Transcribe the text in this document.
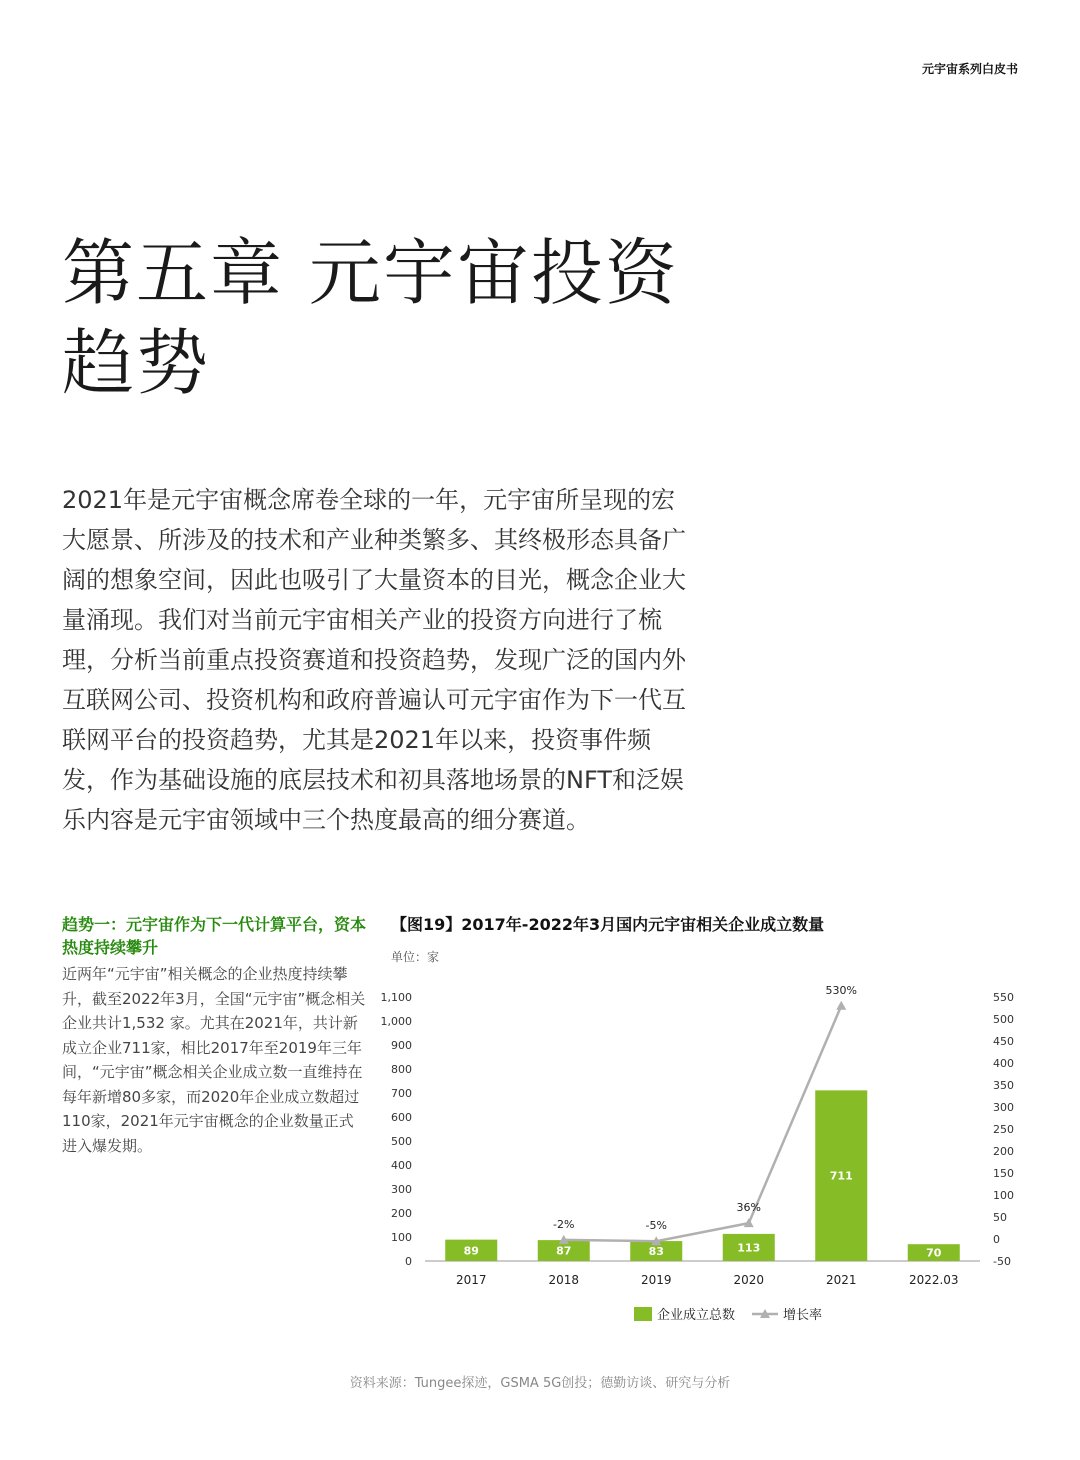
元宇宙系列白皮书
第五章 元宇宙投资趋势

2021年是元宇宙概念席卷全球的一年，元宇宙所呈现的宏大愿景、所涉及的技术和产业种类繁多、其终极形态具备广阔的想象空间，因此也吸引了大量资本的目光，概念企业大量涌现。我们对当前元宇宙相关产业的投资方向进行了梳理，分析当前重点投资赛道和投资趋势，发现广泛的国内外互联网公司、投资机构和政府普遍认可元宇宙作为下一代互联网平台的投资趋势，尤其是2021年以来，投资事件频发，作为基础设施的底层技术和初具落地场景的NFT和泛娱乐内容是元宇宙领域中三个热度最高的细分赛道。

趋势一：元宇宙作为下一代计算平台，资本热度持续攀升

近两年“元宇宙”相关概念的企业热度持续攀升，截至2022年3月，全国“元宇宙”概念相关企业共计1,532 家。尤其在2021年，共计新成立企业711家，相比2017年至2019年三年间，“元宇宙”概念相关企业成立数一直维持在每年新增80多家，而2020年企业成立数超过110家，2021年元宇宙概念的企业数量正式进入爆发期。

【图19】2017年-2022年3月国内元宇宙相关企业成立数量

单位：家
0
100
200
300
400
500
600
700
800
900
1,000
1,100
-50
0
50
100
150
200
250
300
350
400
450
500
550
2017	2018	2019	2020	2021	2022.03
89	87	83	113
711
70
-2%	-5%
36%
530%
企业成立总数	增长率
资料来源：Tungee探迹，GSMA 5G创投；德勤访谈、研究与分析
